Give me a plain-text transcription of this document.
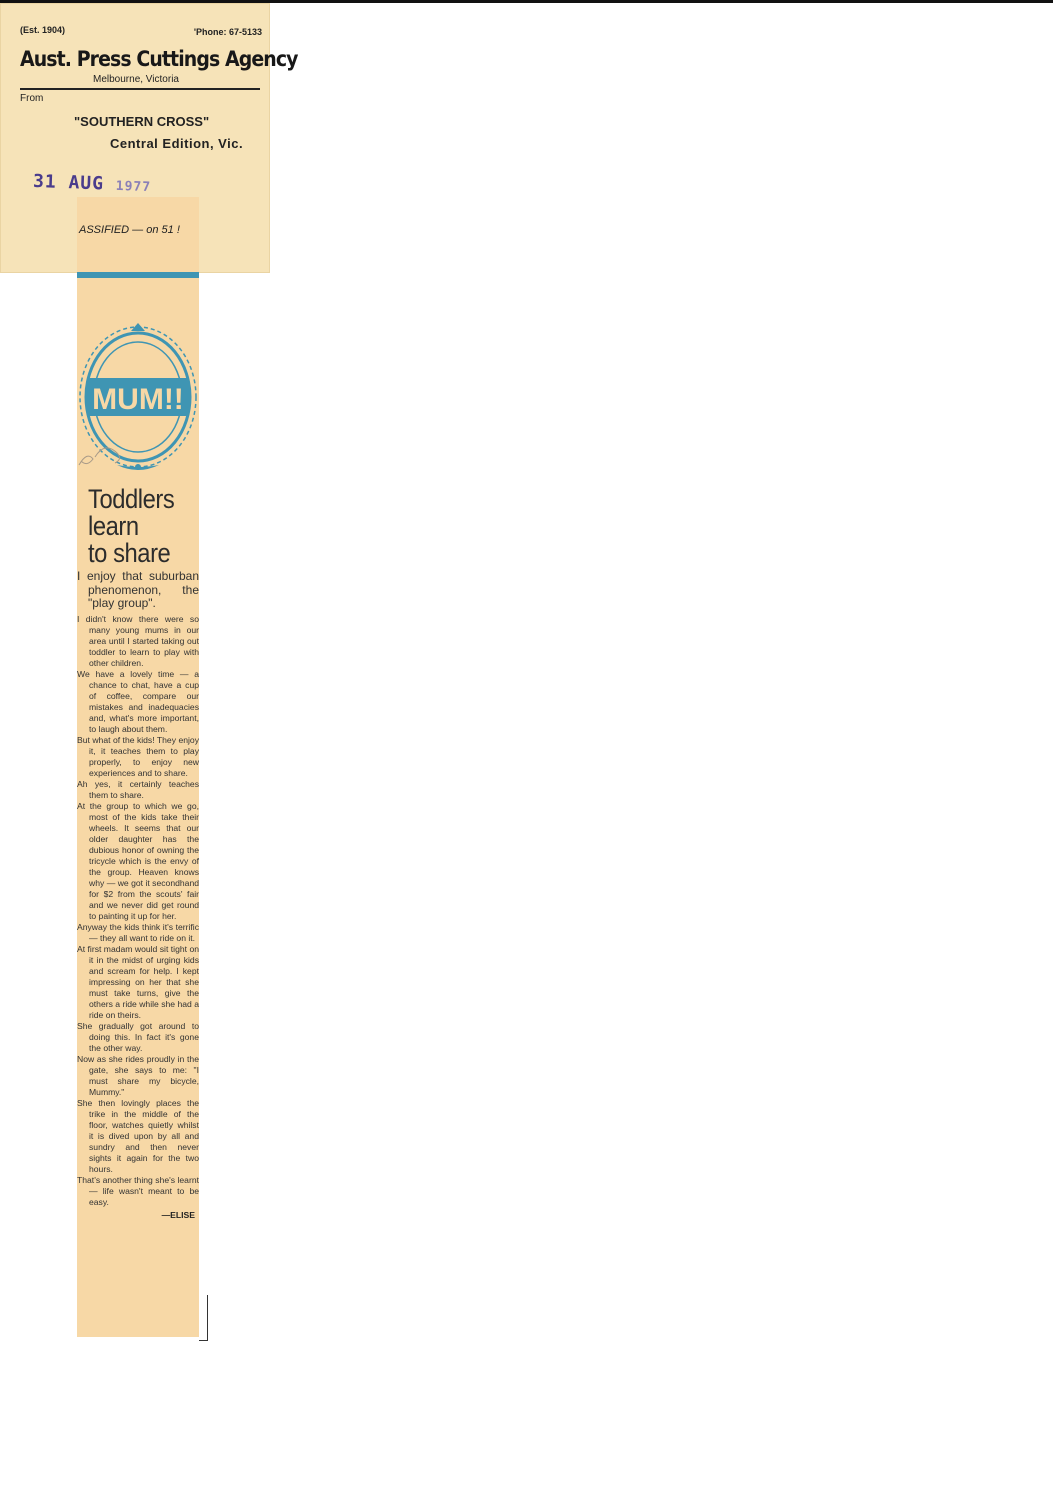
(Est. 1904)	'Phone: 67-5133
Aust. Press Cuttings Agency
Melbourne, Victoria
From
"SOUTHERN CROSS"
Central Edition, Vic.
31 AUG 1977
ASSIFIED — on 51 !
MUM!!
Toddlers
learn
to share

I enjoy that suburban phenomenon, the "play group".

I didn't know there were so many young mums in our area until I started taking out toddler to learn to play with other children.

We have a lovely time — a chance to chat, have a cup of coffee, compare our mistakes and inadequacies and, what's more important, to laugh about them.

But what of the kids! They enjoy it, it teaches them to play properly, to enjoy new experiences and to share.

Ah yes, it certainly teaches them to share.

At the group to which we go, most of the kids take their wheels. It seems that our older daughter has the dubious honor of owning the tricycle which is the envy of the group. Heaven knows why — we got it secondhand for $2 from the scouts' fair and we never did get round to painting it up for her.

Anyway the kids think it's terrific — they all want to ride on it.

At first madam would sit tight on it in the midst of urging kids and scream for help. I kept impressing on her that she must take turns, give the others a ride while she had a ride on theirs.

She gradually got around to doing this. In fact it's gone the other way.

Now as she rides proudly in the gate, she says to me: "I must share my bicycle, Mummy."

She then lovingly places the trike in the middle of the floor, watches quietly whilst it is dived upon by all and sundry and then never sights it again for the two hours.

That's another thing she's learnt — life wasn't meant to be easy.

—ELISE
